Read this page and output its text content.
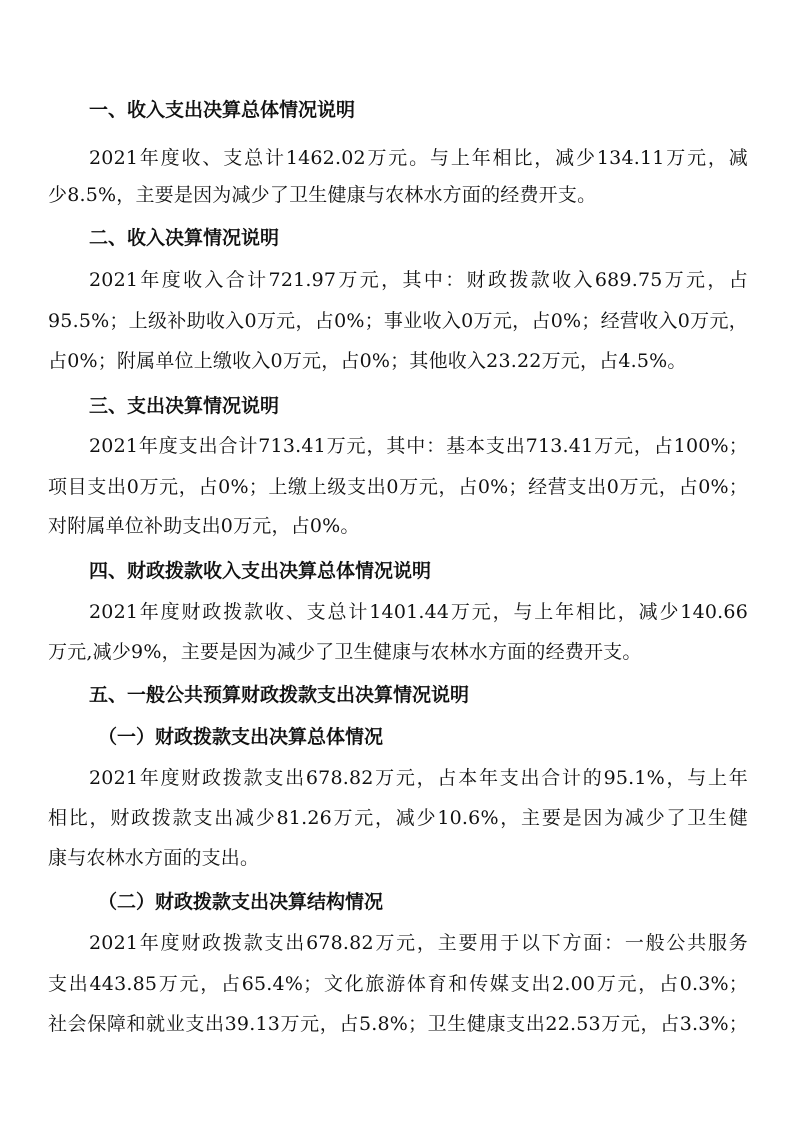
一、收入支出决算总体情况说明
2021年度收、支总计1462.02万元。与上年相比，减少134.11万元，减
少8.5%，主要是因为减少了卫生健康与农林水方面的经费开支。
二、收入决算情况说明
2021年度收入合计721.97万元，其中：财政拨款收入689.75万元，占
95.5%；上级补助收入0万元，占0%；事业收入0万元，占0%；经营收入0万元，
占0%；附属单位上缴收入0万元，占0%；其他收入23.22万元，占4.5%。
三、支出决算情况说明
2021年度支出合计713.41万元，其中：基本支出713.41万元，占100%；
项目支出0万元，占0%；上缴上级支出0万元，占0%；经营支出0万元，占0%；
对附属单位补助支出0万元，占0%。
四、财政拨款收入支出决算总体情况说明
2021年度财政拨款收、支总计1401.44万元，与上年相比，减少140.66
万元,减少9%，主要是因为减少了卫生健康与农林水方面的经费开支。
五、一般公共预算财政拨款支出决算情况说明
（一）财政拨款支出决算总体情况
2021年度财政拨款支出678.82万元，占本年支出合计的95.1%，与上年
相比，财政拨款支出减少81.26万元，减少10.6%，主要是因为减少了卫生健
康与农林水方面的支出。
（二）财政拨款支出决算结构情况
2021年度财政拨款支出678.82万元，主要用于以下方面：一般公共服务
支出443.85万元，占65.4%；文化旅游体育和传媒支出2.00万元，占0.3%；
社会保障和就业支出39.13万元，占5.8%；卫生健康支出22.53万元，占3.3%；
